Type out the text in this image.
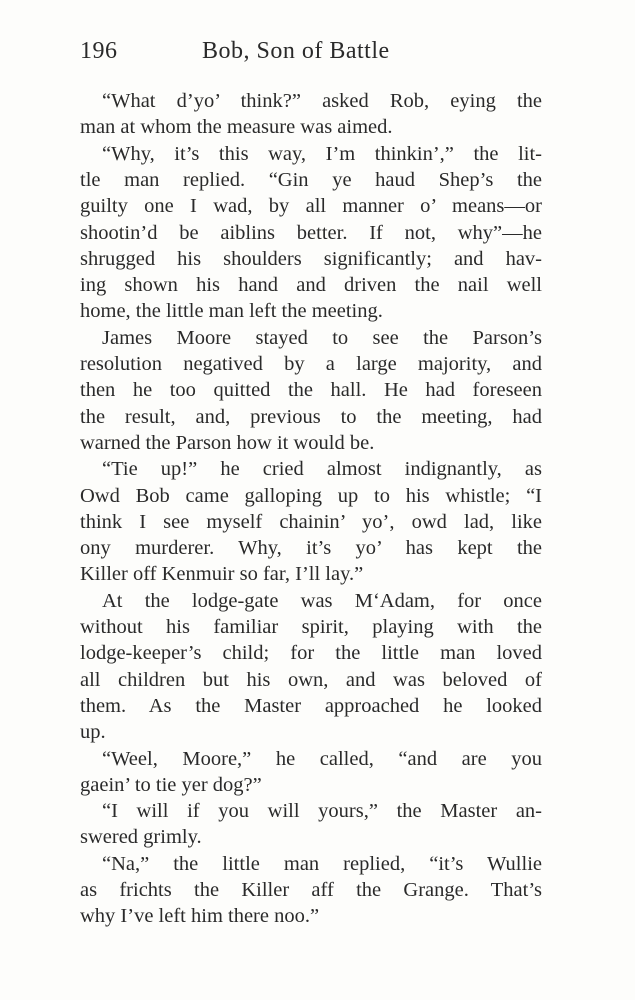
196	Bob, Son of Battle
“What d’yo’ think?” asked Rob, eying the
man at whom the measure was aimed.
“Why, it’s this way, I’m thinkin’,” the lit-
tle man replied. “Gin ye haud Shep’s the
guilty one I wad, by all manner o’ means—or
shootin’d be aiblins better. If not, why”—he
shrugged his shoulders significantly; and hav-
ing shown his hand and driven the nail well
home, the little man left the meeting.
James Moore stayed to see the Parson’s
resolution negatived by a large majority, and
then he too quitted the hall. He had foreseen
the result, and, previous to the meeting, had
warned the Parson how it would be.
“Tie up!” he cried almost indignantly, as
Owd Bob came galloping up to his whistle; “I
think I see myself chainin’ yo’, owd lad, like
ony murderer. Why, it’s yo’ has kept the
Killer off Kenmuir so far, I’ll lay.”
At the lodge-gate was M‘Adam, for once
without his familiar spirit, playing with the
lodge-keeper’s child; for the little man loved
all children but his own, and was beloved of
them. As the Master approached he looked
up.
“Weel, Moore,” he called, “and are you
gaein’ to tie yer dog?”
“I will if you will yours,” the Master an-
swered grimly.
“Na,” the little man replied, “it’s Wullie
as frichts the Killer aff the Grange. That’s
why I’ve left him there noo.”
